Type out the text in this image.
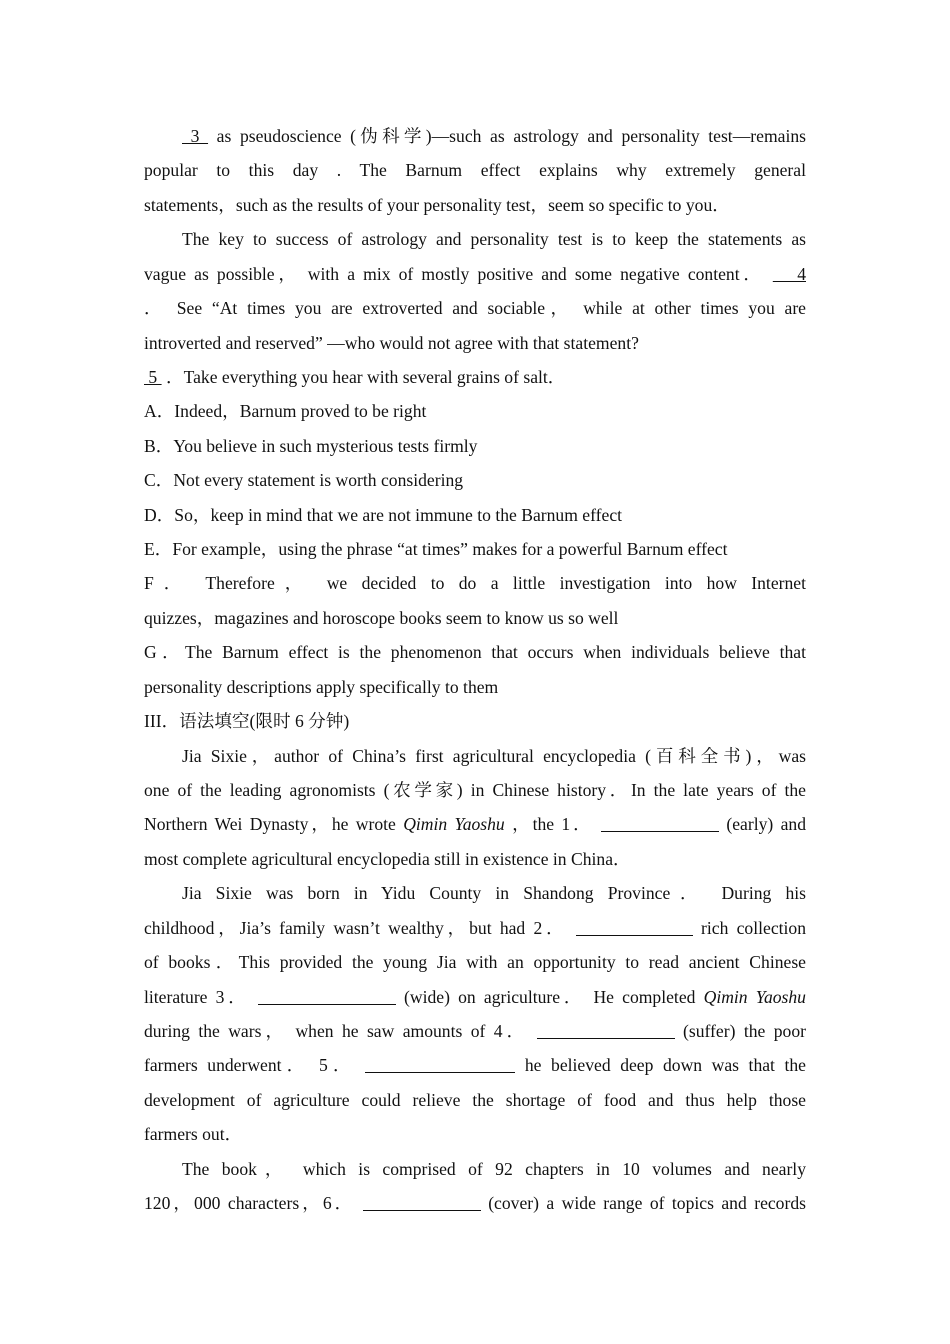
3  as pseudoscience (伪科学)—such as astrology and personality test—remains
popular to this day . The Barnum effect explains why extremely general
statements，such as the results of your personality test，seem so specific to you．
The key to success of astrology and personality test is to keep the statements as
vague as possible， with a mix of mostly positive and some negative content．    4
． See “At times you are extroverted and sociable， while at other times you are
introverted and reserved” —who would not agree with that statement?
5  ．Take everything you hear with several grains of salt．
A．Indeed，Barnum proved to be right
B．You believe in such mysterious tests firmly
C．Not every statement is worth considering
D．So，keep in mind that we are not immune to the Barnum effect
E．For example，using the phrase “at times” makes for a powerful Barnum effect
F． Therefore， we decided to do a little investigation into how Internet
quizzes，magazines and horoscope books seem to know us so well
G．The Barnum effect is the phenomenon that occurs when individuals believe that
personality descriptions apply specifically to them
III．语法填空(限时 6 分钟)
Jia Sixie，author of China’s first agricultural encyclopedia (百科全书)，was
one of the leading agronomists (农学家) in Chinese history．In the late years of the
Northern Wei Dynasty，he wrote Qimin Yaoshu ，the 1．	(early) and
most complete agricultural encyclopedia still in existence in China．
Jia Sixie was born in Yidu County in Shandong Province． During his
childhood，Jia’s family wasn’t wealthy，but had 2．	rich collection
of books．This provided the young Jia with an opportunity to read ancient Chinese
literature 3．	(wide) on agriculture． He completed Qimin Yaoshu
during the wars， when he saw amounts of 4．	(suffer) the poor
farmers underwent． 5．	he believed deep down was that the
development of agriculture could relieve the shortage of food and thus help those
farmers out．
The book， which is comprised of 92 chapters in 10 volumes and nearly
120，000 characters，6．	(cover) a wide range of topics and records
